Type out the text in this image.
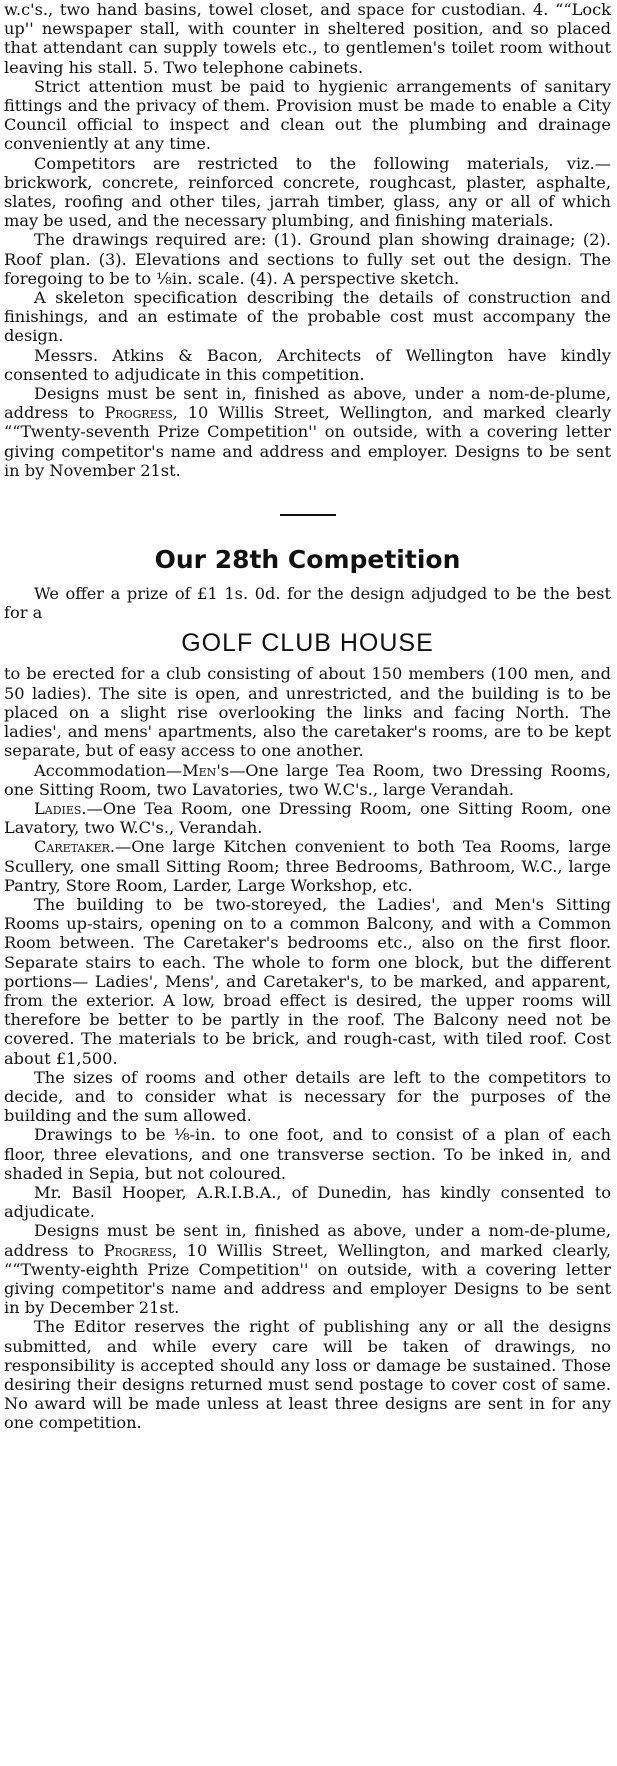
w.c's., two hand basins, towel closet, and space for custodian. 4. ““Lock up'' newspaper stall, with counter in sheltered position, and so placed that attendant can supply towels etc., to gentlemen's toilet room without leaving his stall. 5. Two telephone cabinets.

Strict attention must be paid to hygienic arrangements of sanitary fittings and the privacy of them. Provision must be made to enable a City Council official to inspect and clean out the plumbing and drainage conveniently at any time.

Competitors are restricted to the following materials, viz.— brickwork, concrete, reinforced concrete, roughcast, plaster, asphalte, slates, roofing and other tiles, jarrah timber, glass, any or all of which may be used, and the necessary plumbing, and finishing materials.

The drawings required are: (1). Ground plan showing drainage; (2). Roof plan. (3). Elevations and sections to fully set out the design. The foregoing to be to ⅛in. scale. (4). A perspective sketch.

A skeleton specification describing the details of construction and finishings, and an estimate of the probable cost must accompany the design.

Messrs. Atkins & Bacon, Architects of Wellington have kindly consented to adjudicate in this competition.

Designs must be sent in, finished as above, under a nom-de-plume, address to Progress, 10 Willis Street, Wellington, and marked clearly ““Twenty-seventh Prize Competition'' on outside, with a covering letter giving competitor's name and address and employer. Designs to be sent in by November 21st.

Our 28th Competition

We offer a prize of £1 1s. 0d. for the design adjudged to be the best for a

GOLF CLUB HOUSE

to be erected for a club consisting of about 150 members (100 men, and 50 ladies). The site is open, and unrestricted, and the building is to be placed on a slight rise overlooking the links and facing North. The ladies', and mens' apartments, also the caretaker's rooms, are to be kept separate, but of easy access to one another.

Accommodation—Men's—One large Tea Room, two Dressing Rooms, one Sitting Room, two Lavatories, two W.C's., large Verandah.

Ladies.—One Tea Room, one Dressing Room, one Sitting Room, one Lavatory, two W.C's., Verandah.

Caretaker.—One large Kitchen convenient to both Tea Rooms, large Scullery, one small Sitting Room; three Bedrooms, Bathroom, W.C., large Pantry, Store Room, Larder, Large Workshop, etc.

The building to be two-storeyed, the Ladies', and Men's Sitting Rooms up-stairs, opening on to a common Balcony, and with a Common Room between. The Caretaker's bedrooms etc., also on the first floor. Separate stairs to each. The whole to form one block, but the different portions— Ladies', Mens', and Caretaker's, to be marked, and apparent, from the exterior. A low, broad effect is desired, the upper rooms will therefore be better to be partly in the roof. The Balcony need not be covered. The materials to be brick, and rough-cast, with tiled roof. Cost about £1,500.

The sizes of rooms and other details are left to the competitors to decide, and to consider what is necessary for the purposes of the building and the sum allowed.

Drawings to be ⅛-in. to one foot, and to consist of a plan of each floor, three elevations, and one transverse section. To be inked in, and shaded in Sepia, but not coloured.

Mr. Basil Hooper, A.R.I.B.A., of Dunedin, has kindly consented to adjudicate.

Designs must be sent in, finished as above, under a nom-de-plume, address to Progress, 10 Willis Street, Wellington, and marked clearly, ““Twenty-eighth Prize Competition'' on outside, with a covering letter giving competitor's name and address and employer Designs to be sent in by December 21st.

The Editor reserves the right of publishing any or all the designs submitted, and while every care will be taken of drawings, no responsibility is accepted should any loss or damage be sustained. Those desiring their designs returned must send postage to cover cost of same. No award will be made unless at least three designs are sent in for any one competition.
